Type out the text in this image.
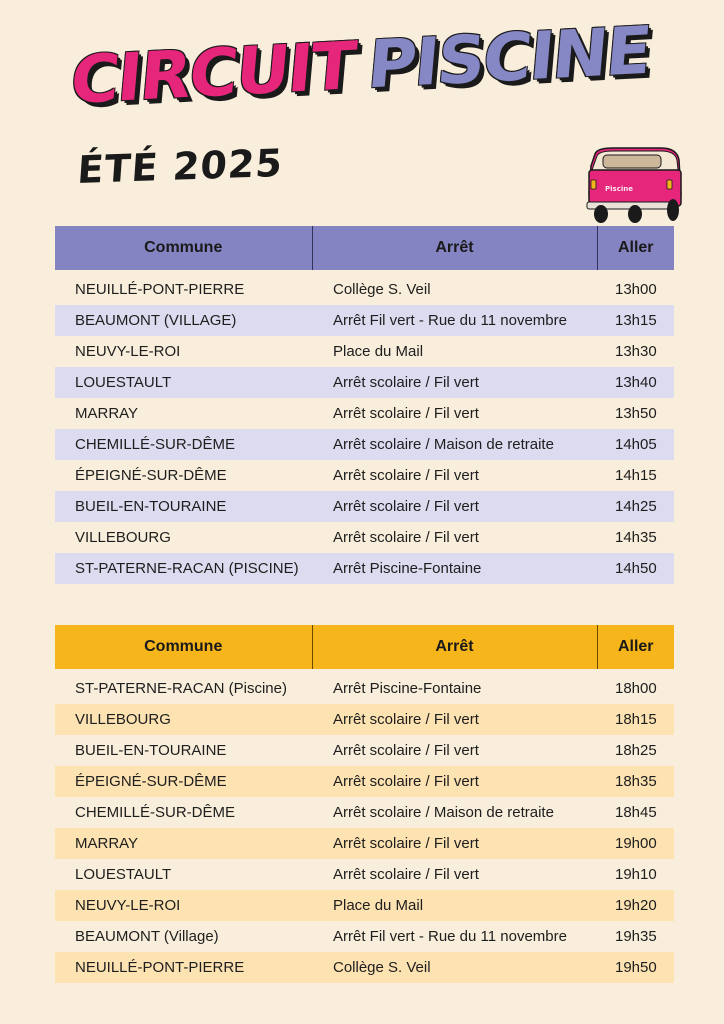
CIRCUIT PISCINE
ÉTÉ 2025	Piscine
Commune	Arrêt	Aller
NEUILLÉ-PONT-PIERRE	Collège S. Veil	13h00
BEAUMONT (VILLAGE)	Arrêt Fil vert - Rue du 11 novembre	13h15
NEUVY-LE-ROI	Place du Mail	13h30
LOUESTAULT	Arrêt scolaire / Fil vert	13h40
MARRAY	Arrêt scolaire / Fil vert	13h50
CHEMILLÉ-SUR-DÊME	Arrêt scolaire / Maison de retraite	14h05
ÉPEIGNÉ-SUR-DÊME	Arrêt scolaire / Fil vert	14h15
BUEIL-EN-TOURAINE	Arrêt scolaire / Fil vert	14h25
VILLEBOURG	Arrêt scolaire / Fil vert	14h35
ST-PATERNE-RACAN (PISCINE)	Arrêt Piscine-Fontaine	14h50
Commune	Arrêt	Aller
ST-PATERNE-RACAN (Piscine)	Arrêt Piscine-Fontaine	18h00
VILLEBOURG	Arrêt scolaire / Fil vert	18h15
BUEIL-EN-TOURAINE	Arrêt scolaire / Fil vert	18h25
ÉPEIGNÉ-SUR-DÊME	Arrêt scolaire / Fil vert	18h35
CHEMILLÉ-SUR-DÊME	Arrêt scolaire / Maison de retraite	18h45
MARRAY	Arrêt scolaire / Fil vert	19h00
LOUESTAULT	Arrêt scolaire / Fil vert	19h10
NEUVY-LE-ROI	Place du Mail	19h20
BEAUMONT (Village)	Arrêt Fil vert - Rue du 11 novembre	19h35
NEUILLÉ-PONT-PIERRE	Collège S. Veil	19h50
